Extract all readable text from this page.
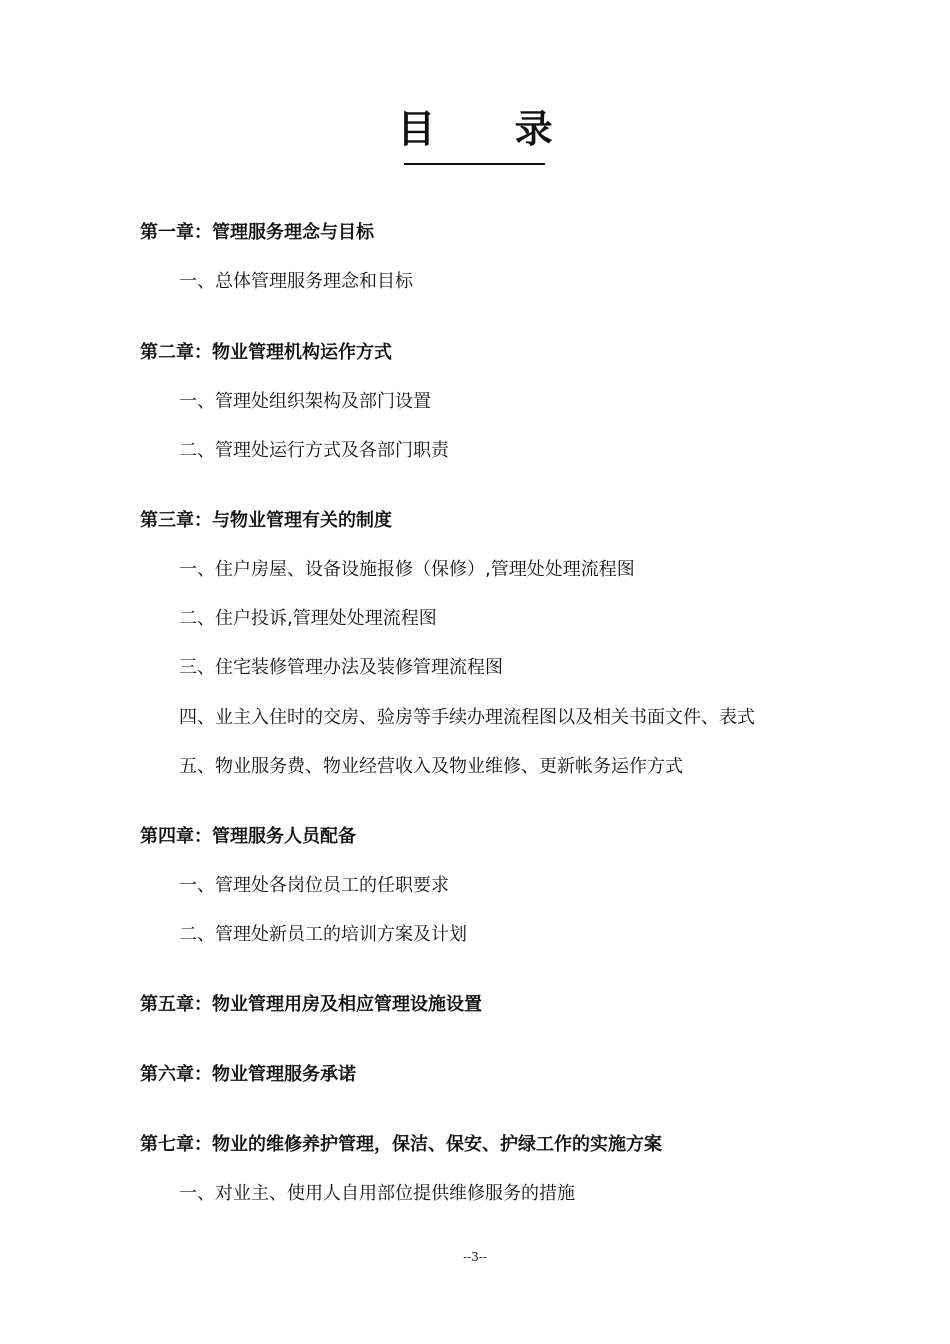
目      录
第一章：管理服务理念与目标
一、总体管理服务理念和目标
第二章：物业管理机构运作方式
一、管理处组织架构及部门设置
二、管理处运行方式及各部门职责
第三章：与物业管理有关的制度
一、住户房屋、设备设施报修（保修）,管理处处理流程图
二、住户投诉,管理处处理流程图
三、住宅装修管理办法及装修管理流程图
四、业主入住时的交房、验房等手续办理流程图以及相关书面文件、表式
五、物业服务费、物业经营收入及物业维修、更新帐务运作方式
第四章：管理服务人员配备
一、管理处各岗位员工的任职要求
二、管理处新员工的培训方案及计划
第五章：物业管理用房及相应管理设施设置
第六章：物业管理服务承诺
第七章：物业的维修养护管理，保洁、保安、护绿工作的实施方案
一、对业主、使用人自用部位提供维修服务的措施
--3--
